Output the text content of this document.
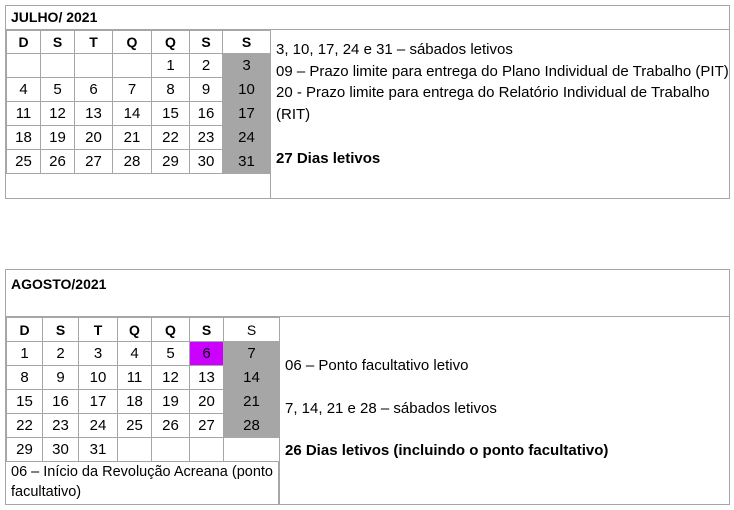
JULHO/ 2021
D	S	T	Q	Q	S	S
				1	2	3
4	5	6	7	8	9	10
11	12	13	14	15	16	17
18	19	20	21	22	23	24
25	26	27	28	29	30	31

3, 10, 17, 24 e 31 – sábados letivos

09 – Prazo limite para entrega do Plano Individual de Trabalho (PIT)

20 - Prazo limite para entrega do Relatório Individual de Trabalho (RIT)

27 Dias letivos

AGOSTO/2021
D	S	T	Q	Q	S	S
1	2	3	4	5	6	7
8	9	10	11	12	13	14
15	16	17	18	19	20	21
22	23	24	25	26	27	28
29	30	31				
06 – Início da Revolução Acreana (ponto facultativo)

06 – Ponto facultativo letivo

7, 14, 21 e 28 – sábados letivos

26 Dias letivos (incluindo o ponto facultativo)
